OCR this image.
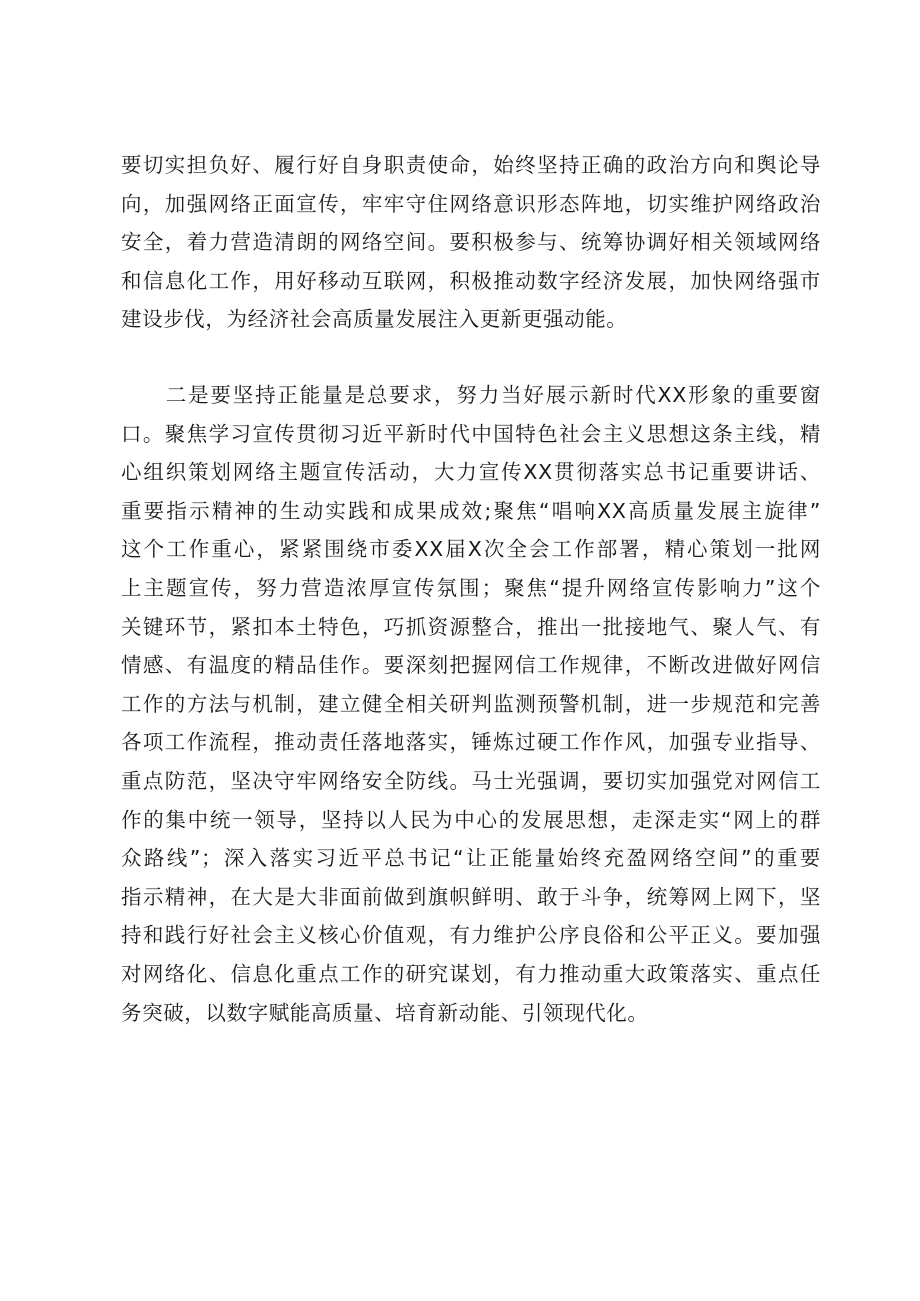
要切实担负好、履行好自身职责使命，始终坚持正确的政治方向和舆论导
向，加强网络正面宣传，牢牢守住网络意识形态阵地，切实维护网络政治
安全，着力营造清朗的网络空间。要积极参与、统筹协调好相关领域网络
和信息化工作，用好移动互联网，积极推动数字经济发展，加快网络强市
建设步伐，为经济社会高质量发展注入更新更强动能。
　　二是要坚持正能量是总要求，努力当好展示新时代XX形象的重要窗
口。聚焦学习宣传贯彻习近平新时代中国特色社会主义思想这条主线，精
心组织策划网络主题宣传活动，大力宣传XX贯彻落实总书记重要讲话、
重要指示精神的生动实践和成果成效;聚焦“唱响XX高质量发展主旋律”
这个工作重心，紧紧围绕市委XX届X次全会工作部署，精心策划一批网
上主题宣传，努力营造浓厚宣传氛围；聚焦“提升网络宣传影响力”这个
关键环节，紧扣本土特色，巧抓资源整合，推出一批接地气、聚人气、有
情感、有温度的精品佳作。要深刻把握网信工作规律，不断改进做好网信
工作的方法与机制，建立健全相关研判监测预警机制，进一步规范和完善
各项工作流程，推动责任落地落实，锤炼过硬工作作风，加强专业指导、
重点防范，坚决守牢网络安全防线。马士光强调，要切实加强党对网信工
作的集中统一领导，坚持以人民为中心的发展思想，走深走实“网上的群
众路线”；深入落实习近平总书记“让正能量始终充盈网络空间”的重要
指示精神，在大是大非面前做到旗帜鲜明、敢于斗争，统筹网上网下，坚
持和践行好社会主义核心价值观，有力维护公序良俗和公平正义。要加强
对网络化、信息化重点工作的研究谋划，有力推动重大政策落实、重点任
务突破，以数字赋能高质量、培育新动能、引领现代化。
